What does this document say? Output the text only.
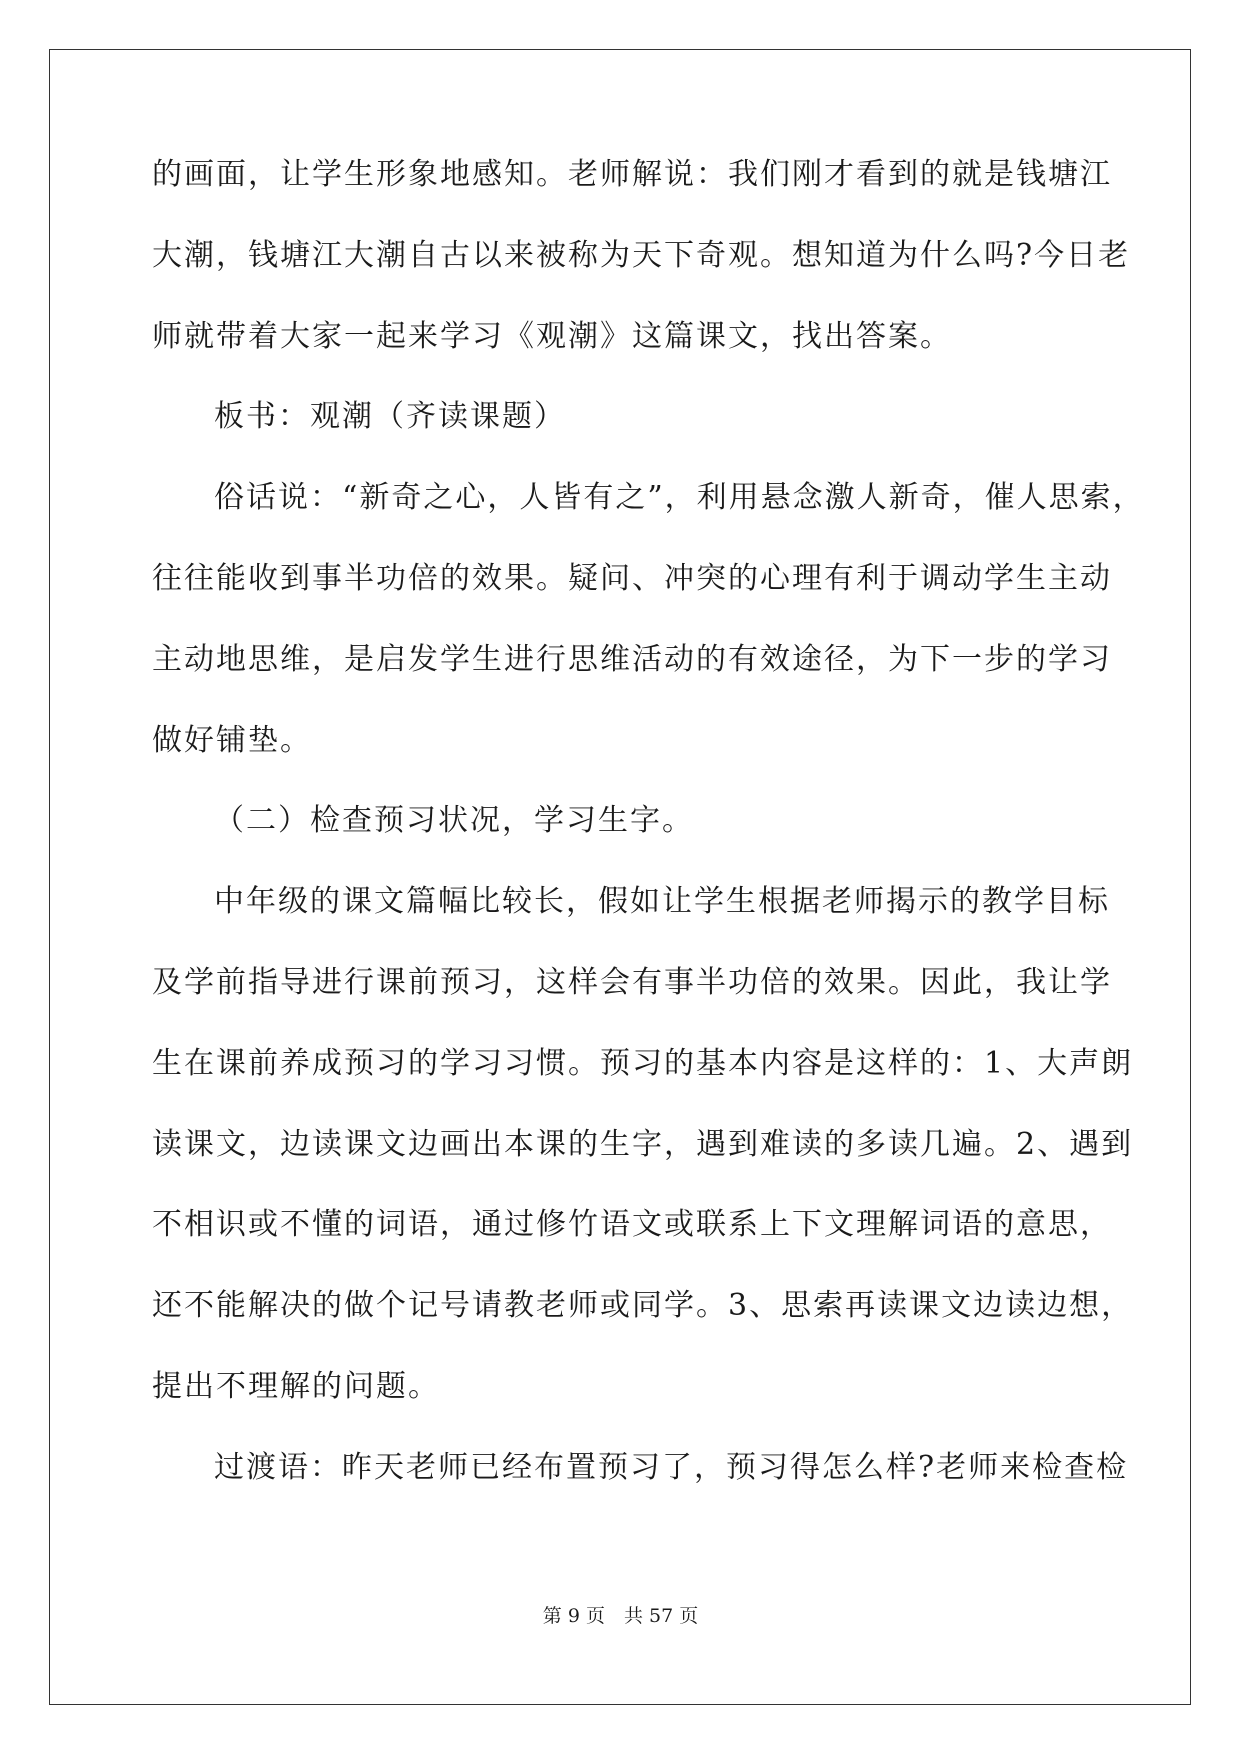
的画面，让学生形象地感知。老师解说：我们刚才看到的就是钱塘江
大潮，钱塘江大潮自古以来被称为天下奇观。想知道为什么吗?今日老
师就带着大家一起来学习《观潮》这篇课文，找出答案。
板书：观潮（齐读课题）
俗话说：“新奇之心，人皆有之”，利用悬念激人新奇，催人思索，
往往能收到事半功倍的效果。疑问、冲突的心理有利于调动学生主动
主动地思维，是启发学生进行思维活动的有效途径，为下一步的学习
做好铺垫。
（二）检查预习状况，学习生字。
中年级的课文篇幅比较长，假如让学生根据老师揭示的教学目标
及学前指导进行课前预习，这样会有事半功倍的效果。因此，我让学
生在课前养成预习的学习习惯。预习的基本内容是这样的：1、大声朗
读课文，边读课文边画出本课的生字，遇到难读的多读几遍。2、遇到
不相识或不懂的词语，通过修竹语文或联系上下文理解词语的意思，
还不能解决的做个记号请教老师或同学。3、思索再读课文边读边想，
提出不理解的问题。
过渡语：昨天老师已经布置预习了，预习得怎么样?老师来检查检
第 9 页　共 57 页
